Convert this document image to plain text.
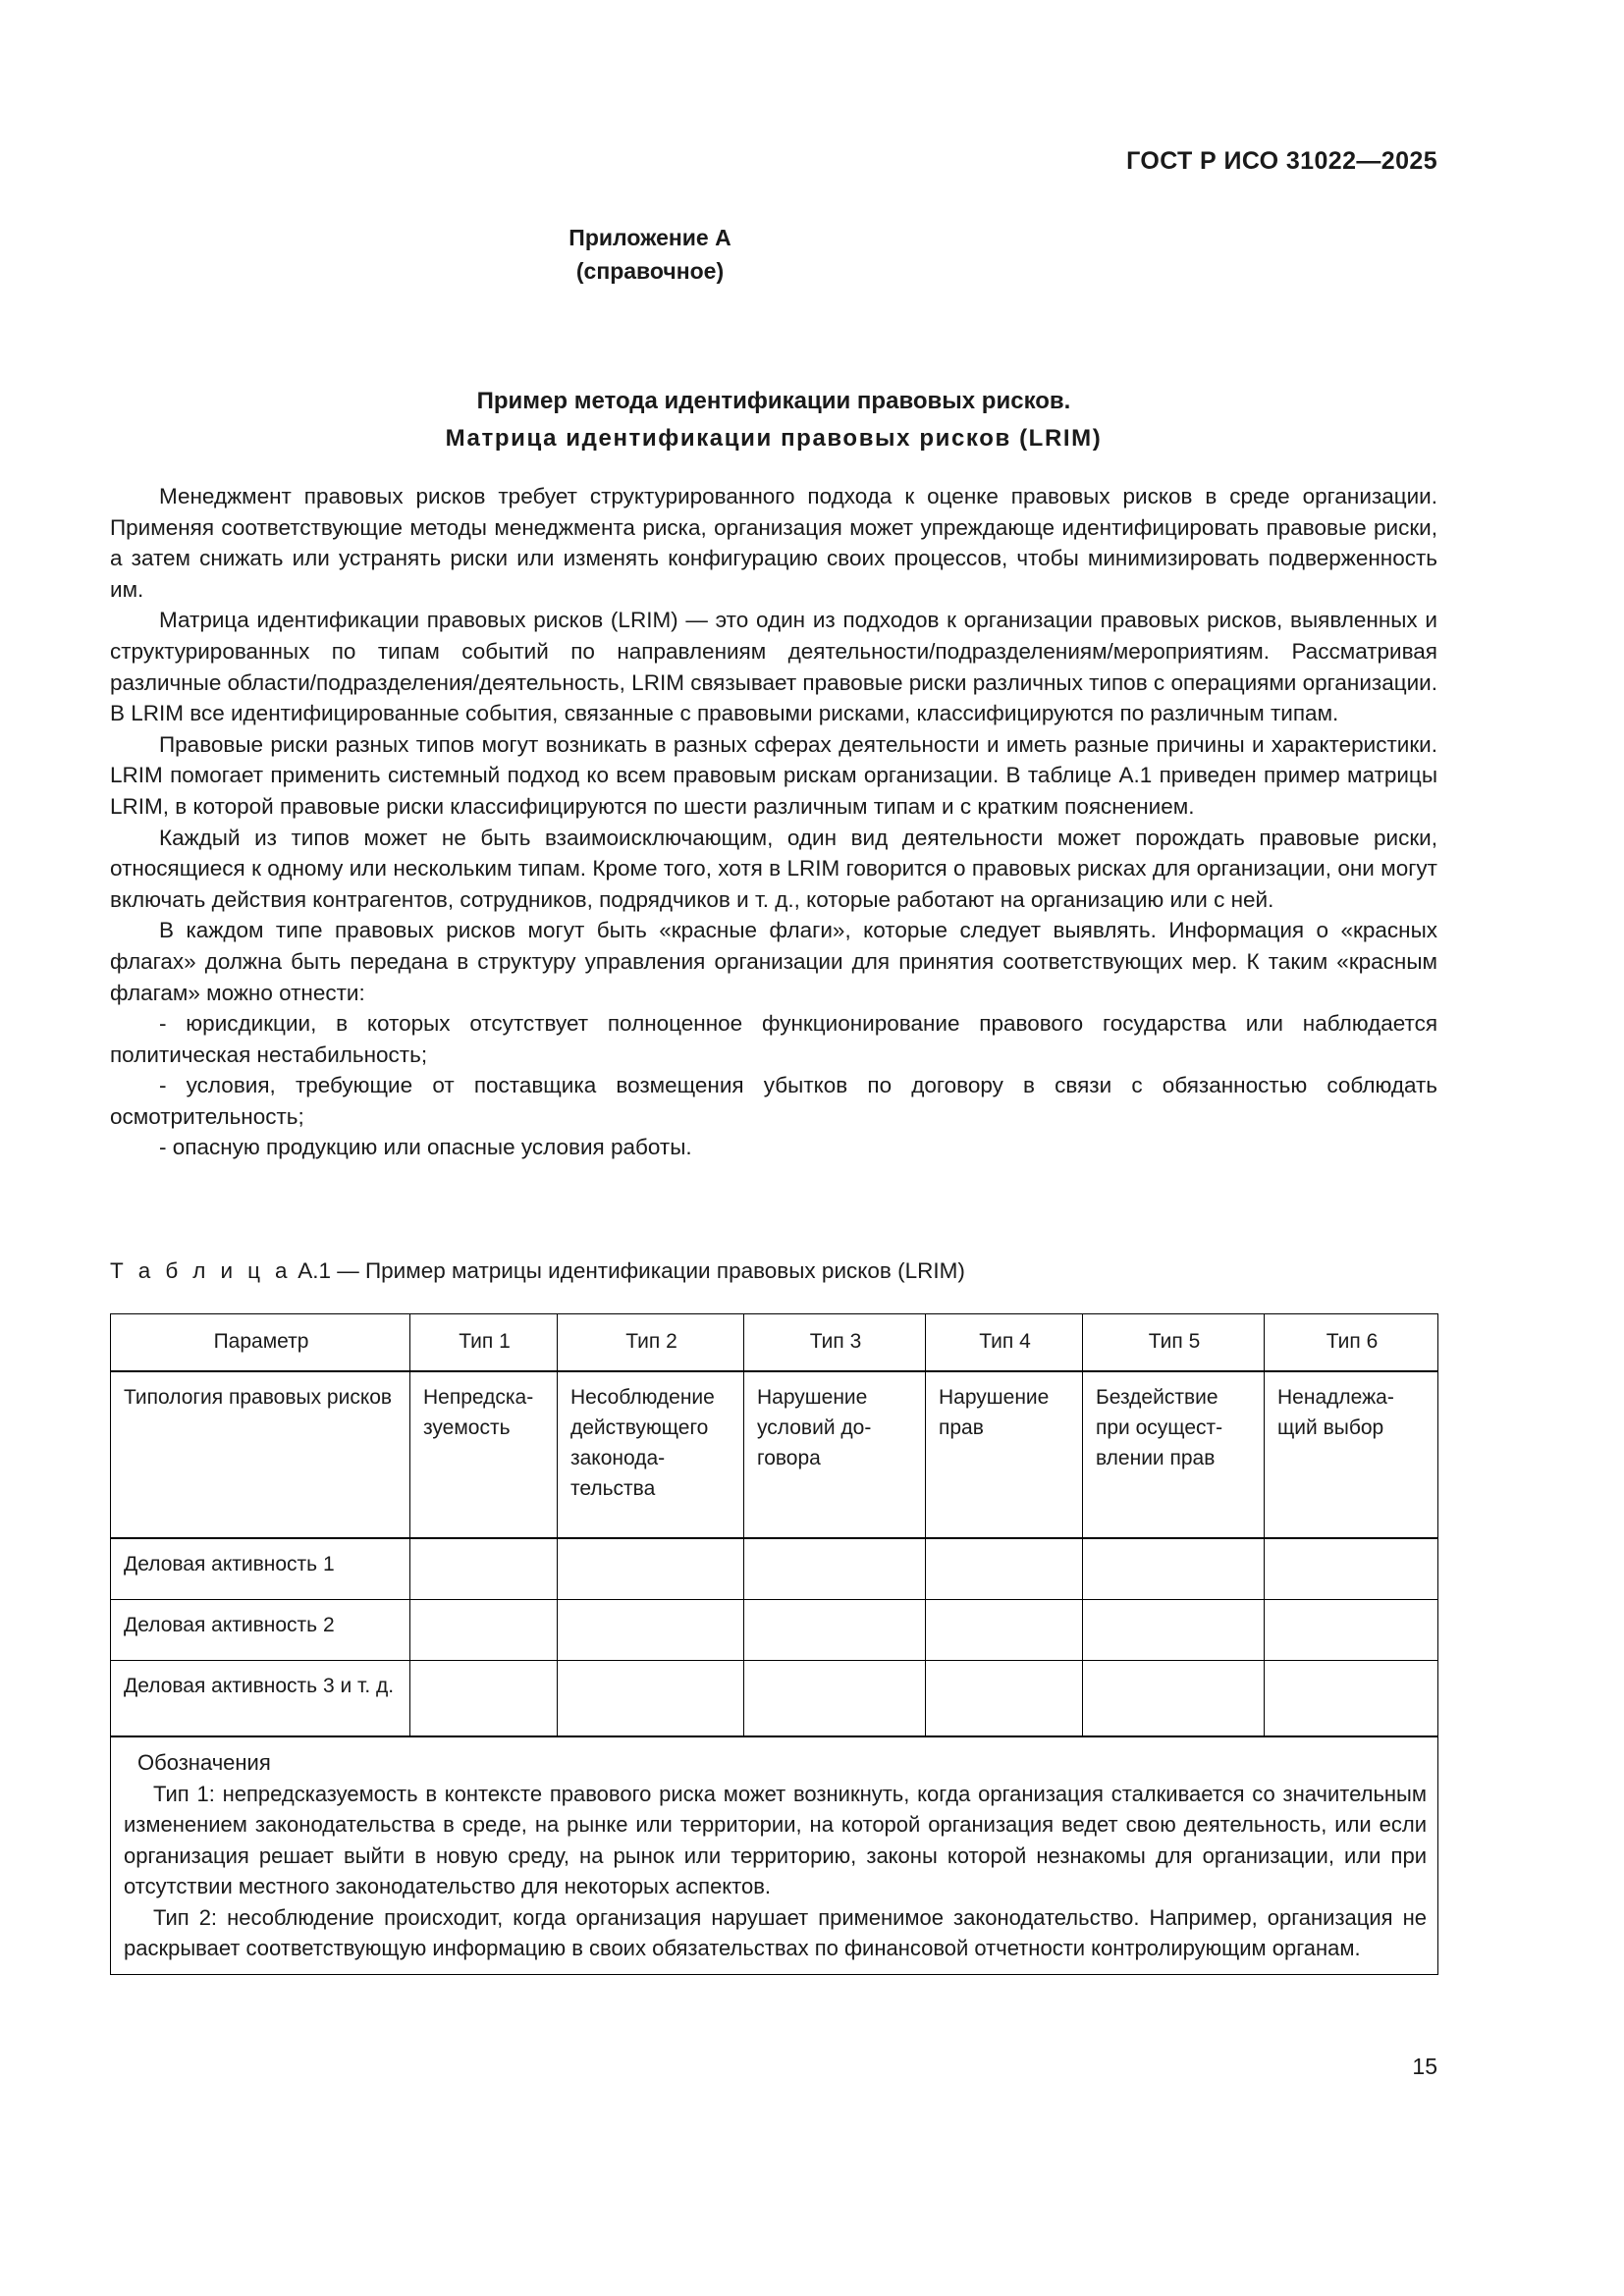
ГОСТ Р ИСО 31022—2025
Приложение А
(справочное)
Пример метода идентификации правовых рисков.
Матрица идентификации правовых рисков (LRIM)

Менеджмент правовых рисков требует структурированного подхода к оценке правовых рисков в среде организации. Применяя соответствующие методы менеджмента риска, организация может упреждающе идентифицировать правовые риски, а затем снижать или устранять риски или изменять конфигурацию своих процессов, чтобы минимизировать подверженность им.

Матрица идентификации правовых рисков (LRIM) — это один из подходов к организации правовых рисков, выявленных и структурированных по типам событий по направлениям деятельности/подразделениям/мероприятиям. Рассматривая различные области/подразделения/деятельность, LRIM связывает правовые риски различных типов с операциями организации. В LRIM все идентифицированные события, связанные с правовыми рисками, классифицируются по различным типам.

Правовые риски разных типов могут возникать в разных сферах деятельности и иметь разные причины и характеристики. LRIM помогает применить системный подход ко всем правовым рискам организации. В таблице А.1 приведен пример матрицы LRIM, в которой правовые риски классифицируются по шести различным типам и с кратким пояснением.

Каждый из типов может не быть взаимоисключающим, один вид деятельности может порождать правовые риски, относящиеся к одному или нескольким типам. Кроме того, хотя в LRIM говорится о правовых рисках для организации, они могут включать действия контрагентов, сотрудников, подрядчиков и т. д., которые работают на организацию или с ней.

В каждом типе правовых рисков могут быть «красные флаги», которые следует выявлять. Информация о «красных флагах» должна быть передана в структуру управления организации для принятия соответствующих мер. К таким «красным флагам» можно отнести:

- юрисдикции, в которых отсутствует полноценное функционирование правового государства или наблюдается политическая нестабильность;

- условия, требующие от поставщика возмещения убытков по договору в связи с обязанностью соблюдать осмотрительность;

- опасную продукцию или опасные условия работы.

Т а б л и ц а А.1 — Пример матрицы идентификации правовых рисков (LRIM)
Параметр	Тип 1	Тип 2	Тип 3	Тип 4	Тип 5	Тип 6
Типология правовых рисков	Непредсказуемость	Несоблюдение действующего законодательства	Нарушение условий договора	Нарушение прав	Бездействие при осуществлении прав	Ненадлежащий выбор
Деловая активность 1						
Деловая активность 2						
Деловая активность 3 и т. д.						

Обозначения

Тип 1: непредсказуемость в контексте правового риска может возникнуть, когда организация сталкивается со значительным изменением законодательства в среде, на рынке или территории, на которой организация ведет свою деятельность, или если организация решает выйти в новую среду, на рынок или территорию, законы которой незнакомы для организации, или при отсутствии местного законодательство для некоторых аспектов.

Тип 2: несоблюдение происходит, когда организация нарушает применимое законодательство. Например, организация не раскрывает соответствующую информацию в своих обязательствах по финансовой отчетности контролирующим органам.						

15
